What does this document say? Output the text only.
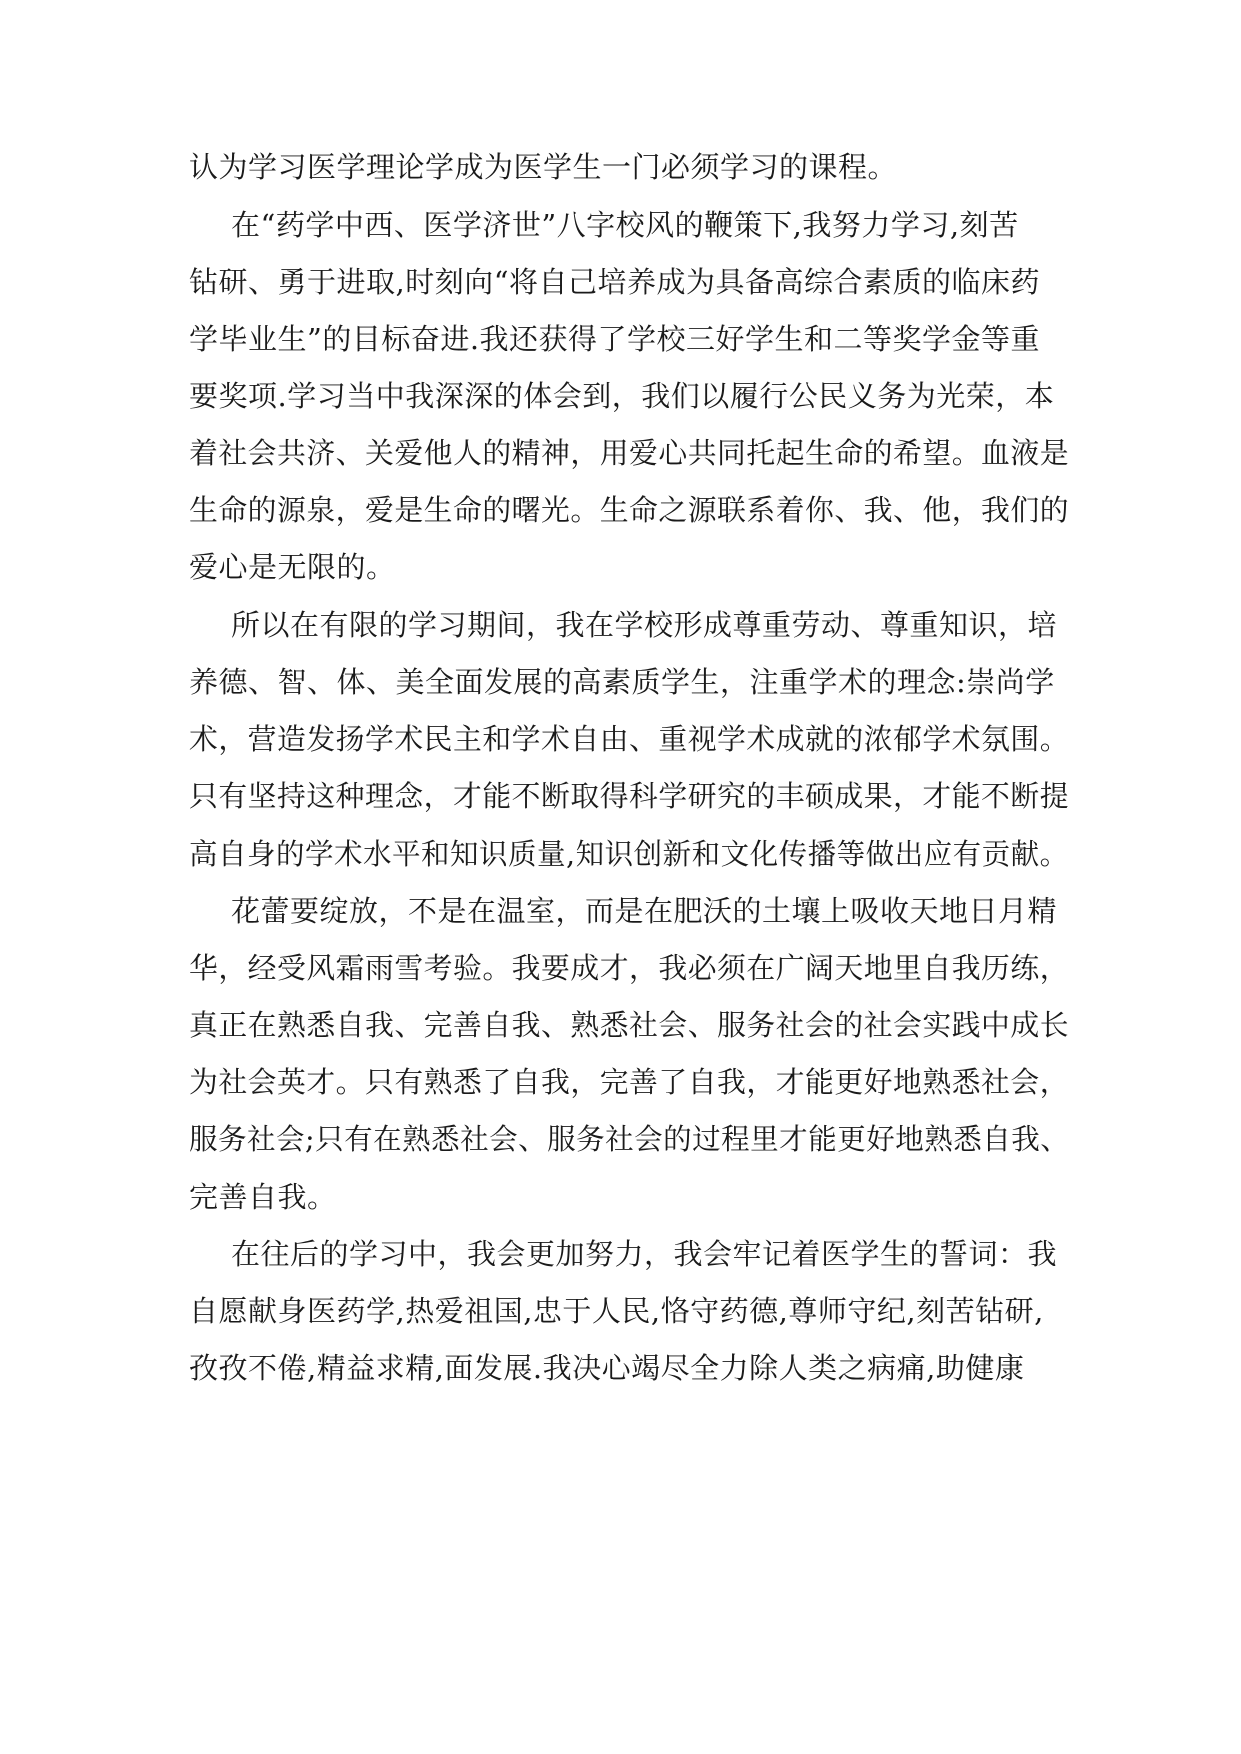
认为学习医学理论学成为医学生一门必须学习的课程。
在“药学中西、医学济世”八字校风的鞭策下,我努力学习,刻苦
钻研、勇于进取,时刻向“将自己培养成为具备高综合素质的临床药
学毕业生”的目标奋进.我还获得了学校三好学生和二等奖学金等重
要奖项.学习当中我深深的体会到，我们以履行公民义务为光荣，本
着社会共济、关爱他人的精神，用爱心共同托起生命的希望。血液是
生命的源泉，爱是生命的曙光。生命之源联系着你、我、他，我们的
爱心是无限的。
所以在有限的学习期间，我在学校形成尊重劳动、尊重知识，培
养德、智、体、美全面发展的高素质学生，注重学术的理念:崇尚学
术，营造发扬学术民主和学术自由、重视学术成就的浓郁学术氛围。
只有坚持这种理念，才能不断取得科学研究的丰硕成果，才能不断提
高自身的学术水平和知识质量,知识创新和文化传播等做出应有贡献。
花蕾要绽放，不是在温室，而是在肥沃的土壤上吸收天地日月精
华，经受风霜雨雪考验。我要成才，我必须在广阔天地里自我历练，
真正在熟悉自我、完善自我、熟悉社会、服务社会的社会实践中成长
为社会英才。只有熟悉了自我，完善了自我，才能更好地熟悉社会，
服务社会;只有在熟悉社会、服务社会的过程里才能更好地熟悉自我、
完善自我。
在往后的学习中，我会更加努力，我会牢记着医学生的誓词：我
自愿献身医药学,热爱祖国,忠于人民,恪守药德,尊师守纪,刻苦钻研,
孜孜不倦,精益求精,面发展.我决心竭尽全力除人类之病痛,助健康
